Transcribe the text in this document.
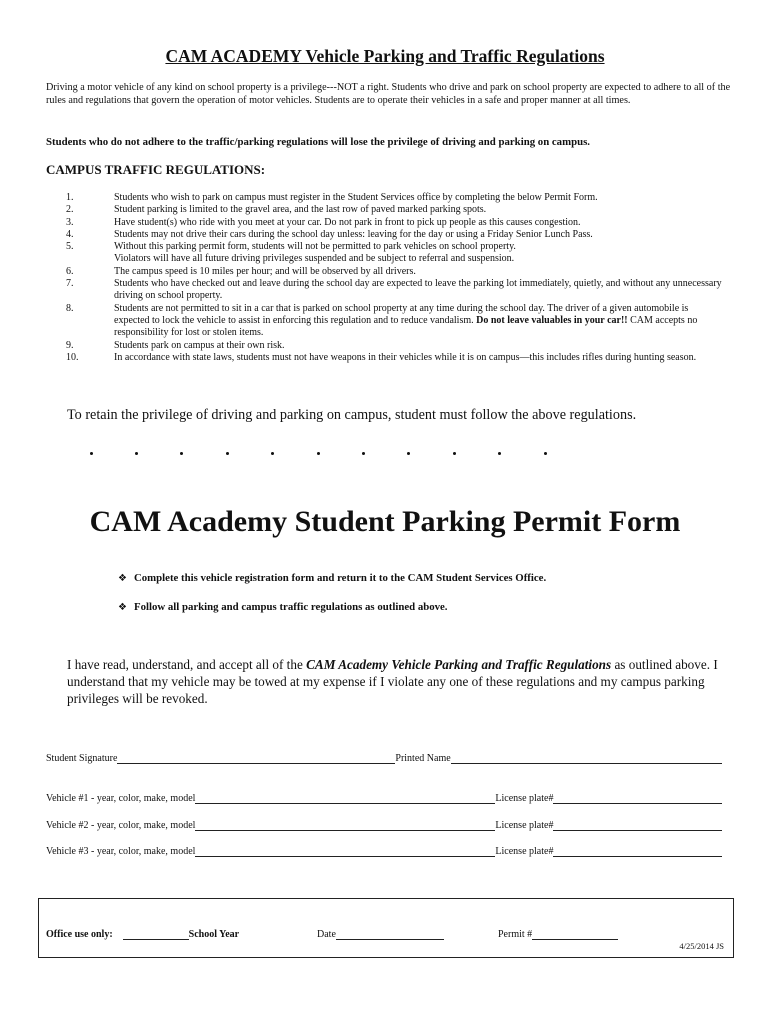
CAM ACADEMY Vehicle Parking and Traffic Regulations
Driving a motor vehicle of any kind on school property is a privilege---NOT a right. Students who drive and park on school property are expected to adhere to all of the rules and regulations that govern the operation of motor vehicles. Students are to operate their vehicles in a safe and proper manner at all times.
Students who do not adhere to the traffic/parking regulations will lose the privilege of driving and parking on campus.
CAMPUS TRAFFIC REGULATIONS:
1.	Students who wish to park on campus must register in the Student Services office by completing the below Permit Form.
2.	Student parking is limited to the gravel area, and the last row of paved marked parking spots.
3.	Have student(s) who ride with you meet at your car. Do not park in front to pick up people as this causes congestion.
4.	Students may not drive their cars during the school day unless: leaving for the day or using a Friday Senior Lunch Pass.
5.	Without this parking permit form, students will not be permitted to park vehicles on school property.
Violators will have all future driving privileges suspended and be subject to referral and suspension.
6.	The campus speed is 10 miles per hour; and will be observed by all drivers.
7.	Students who have checked out and leave during the school day are expected to leave the parking lot immediately, quietly, and without any unnecessary driving on school property.
8.	Students are not permitted to sit in a car that is parked on school property at any time during the school day. The driver of a given automobile is expected to lock the vehicle to assist in enforcing this regulation and to reduce vandalism. Do not leave valuables in your car!! CAM accepts no responsibility for lost or stolen items.
9.	Students park on campus at their own risk.
10.	In accordance with state laws, students must not have weapons in their vehicles while it is on campus—this includes rifles during hunting season.
To retain the privilege of driving and parking on campus, student must follow the above regulations.
CAM Academy Student Parking Permit Form
❖ Complete this vehicle registration form and return it to the CAM Student Services Office.
❖ Follow all parking and campus traffic regulations as outlined above.
I have read, understand, and accept all of the CAM Academy Vehicle Parking and Traffic Regulations as outlined above. I understand that my vehicle may be towed at my expense if I violate any one of these regulations and my campus parking privileges will be revoked.
Student Signature	Printed Name
Vehicle #1 - year, color, make, model	License plate#
Vehicle #2 - year, color, make, model	License plate#
Vehicle #3 - year, color, make, model	License plate#
Office use only:	School Year	Date	Permit #
4/25/2014 JS
